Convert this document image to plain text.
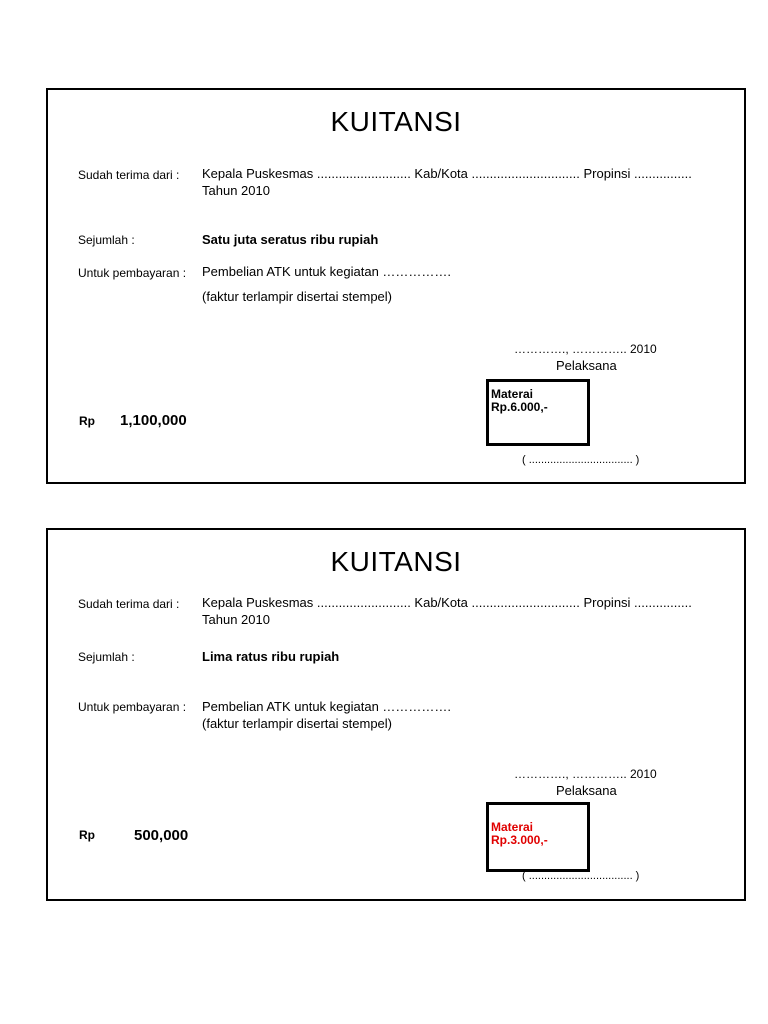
KUITANSI
Sudah terima dari : Kepala Puskesmas .......................... Kab/Kota .............................. Propinsi ................
Tahun 2010
Sejumlah :	Satu juta seratus ribu rupiah
Untuk pembayaran : Pembelian ATK untuk kegiatan …………….
(faktur terlampir disertai stempel)
…………., ………….. 2010
Pelaksana
Materai
Rp.6.000,-
( .................................. )
Rp 1,100,000
KUITANSI
Sudah terima dari : Kepala Puskesmas .......................... Kab/Kota .............................. Propinsi ................
Tahun 2010
Sejumlah :	Lima ratus ribu rupiah
Untuk pembayaran : Pembelian ATK untuk kegiatan …………….
(faktur terlampir disertai stempel)
…………., ………….. 2010
Pelaksana
Materai
Rp.3.000,-
( .................................. )
Rp	500,000
